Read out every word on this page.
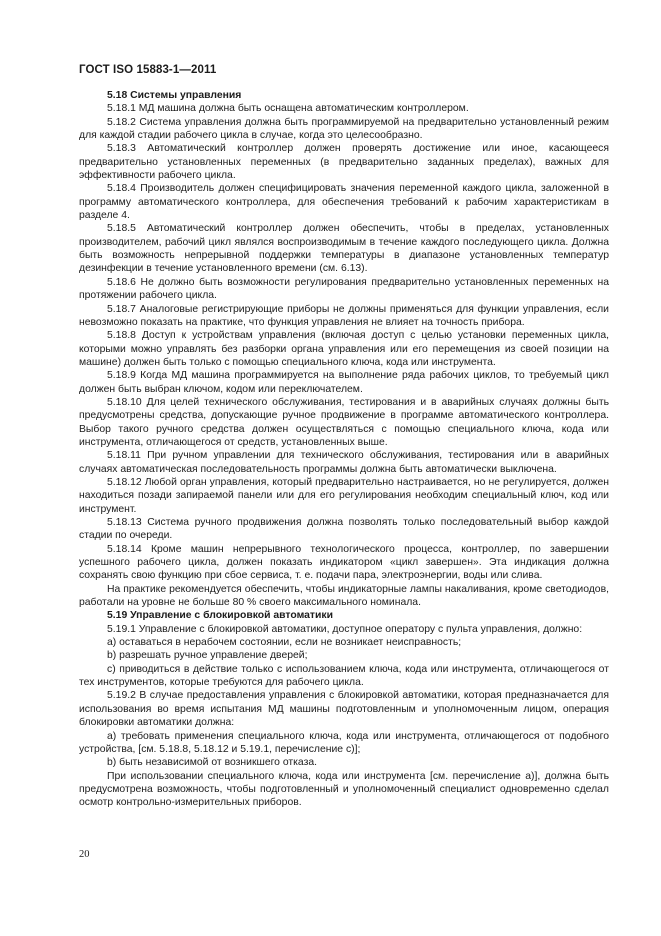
ГОСТ ISO 15883-1—2011

5.18 Системы управления

5.18.1 МД машина должна быть оснащена автоматическим контроллером.

5.18.2 Система управления должна быть программируемой на предварительно установленный режим для каждой стадии рабочего цикла в случае, когда это целесообразно.

5.18.3 Автоматический контроллер должен проверять достижение или иное, касающееся предварительно установленных переменных (в предварительно заданных пределах), важных для эффективности рабочего цикла.

5.18.4 Производитель должен специфицировать значения переменной каждого цикла, заложенной в программу автоматического контроллера, для обеспечения требований к рабочим характеристикам в разделе 4.

5.18.5 Автоматический контроллер должен обеспечить, чтобы в пределах, установленных производителем, рабочий цикл являлся воспроизводимым в течение каждого последующего цикла. Должна быть возможность непрерывной поддержки температуры в диапазоне установленных температур дезинфекции в течение установленного времени (см. 6.13).

5.18.6 Не должно быть возможности регулирования предварительно установленных переменных на протяжении рабочего цикла.

5.18.7 Аналоговые регистрирующие приборы не должны применяться для функции управления, если невозможно показать на практике, что функция управления не влияет на точность прибора.

5.18.8 Доступ к устройствам управления (включая доступ с целью установки переменных цикла, которыми можно управлять без разборки органа управления или его перемещения из своей позиции на машине) должен быть только с помощью специального ключа, кода или инструмента.

5.18.9 Когда МД машина программируется на выполнение ряда рабочих циклов, то требуемый цикл должен быть выбран ключом, кодом или переключателем.

5.18.10 Для целей технического обслуживания, тестирования и в аварийных случаях должны быть предусмотрены средства, допускающие ручное продвижение в программе автоматического контроллера. Выбор такого ручного средства должен осуществляться с помощью специального ключа, кода или инструмента, отличающегося от средств, установленных выше.

5.18.11 При ручном управлении для технического обслуживания, тестирования или в аварийных случаях автоматическая последовательность программы должна быть автоматически выключена.

5.18.12 Любой орган управления, который предварительно настраивается, но не регулируется, должен находиться позади запираемой панели или для его регулирования необходим специальный ключ, код или инструмент.

5.18.13 Система ручного продвижения должна позволять только последовательный выбор каждой стадии по очереди.

5.18.14 Кроме машин непрерывного технологического процесса, контроллер, по завершении успешного рабочего цикла, должен показать индикатором «цикл завершен». Эта индикация должна сохранять свою функцию при сбое сервиса, т. е. подачи пара, электроэнергии, воды или слива.

На практике рекомендуется обеспечить, чтобы индикаторные лампы накаливания, кроме светодиодов, работали на уровне не больше 80 % своего максимального номинала.

5.19 Управление с блокировкой автоматики

5.19.1 Управление с блокировкой автоматики, доступное оператору с пульта управления, должно:

a) оставаться в нерабочем состоянии, если не возникает неисправность;

b) разрешать ручное управление дверей;

c) приводиться в действие только с использованием ключа, кода или инструмента, отличающегося от тех инструментов, которые требуются для рабочего цикла.

5.19.2 В случае предоставления управления с блокировкой автоматики, которая предназначается для использования во время испытания МД машины подготовленным и уполномоченным лицом, операция блокировки автоматики должна:

a) требовать применения специального ключа, кода или инструмента, отличающегося от подобного устройства, [см. 5.18.8, 5.18.12 и 5.19.1, перечисление c)];

b) быть независимой от возникшего отказа.

При использовании специального ключа, кода или инструмента [см. перечисление a)], должна быть предусмотрена возможность, чтобы подготовленный и уполномоченный специалист одновременно сделал осмотр контрольно-измерительных приборов.

20
